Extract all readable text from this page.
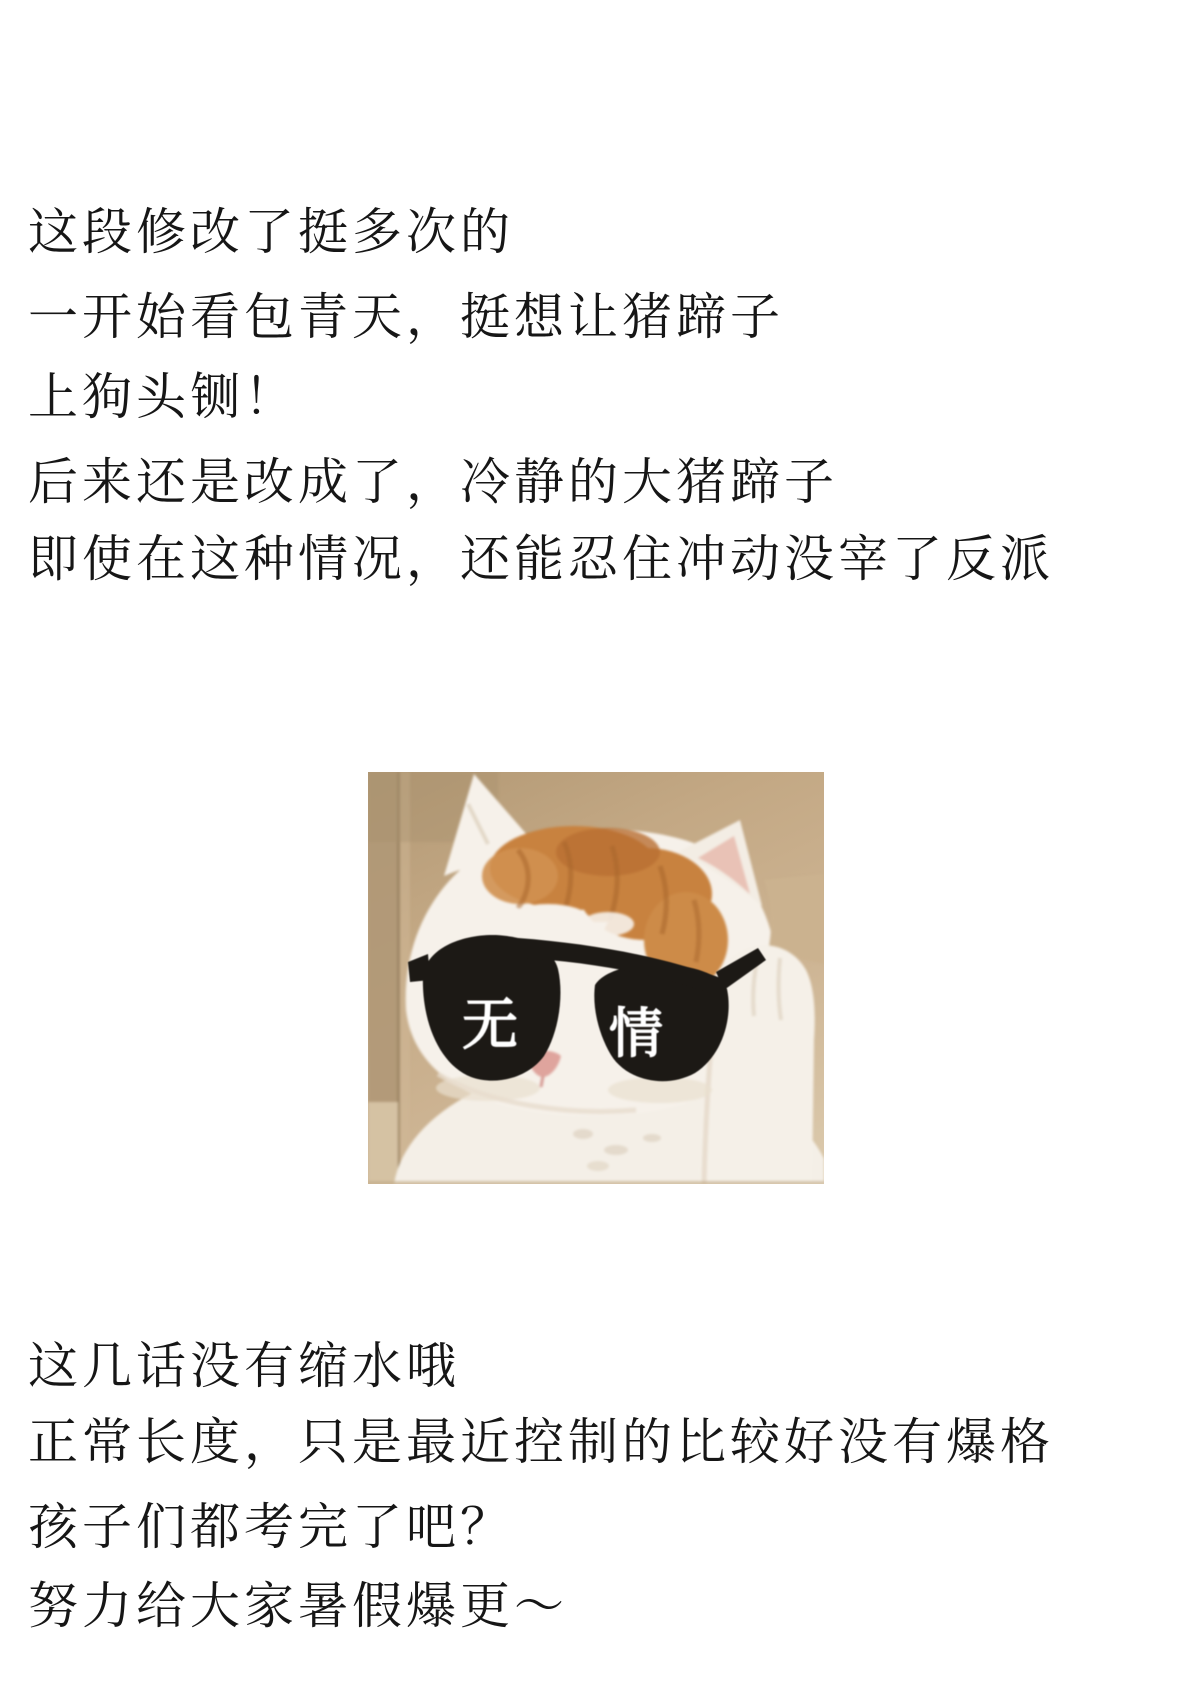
这段修改了挺多次的
一开始看包青天，挺想让猪蹄子
上狗头铡！
后来还是改成了，冷静的大猪蹄子
即使在这种情况，还能忍住冲动没宰了反派
无 情
这几话没有缩水哦
正常长度，只是最近控制的比较好没有爆格
孩子们都考完了吧？
努力给大家暑假爆更～
